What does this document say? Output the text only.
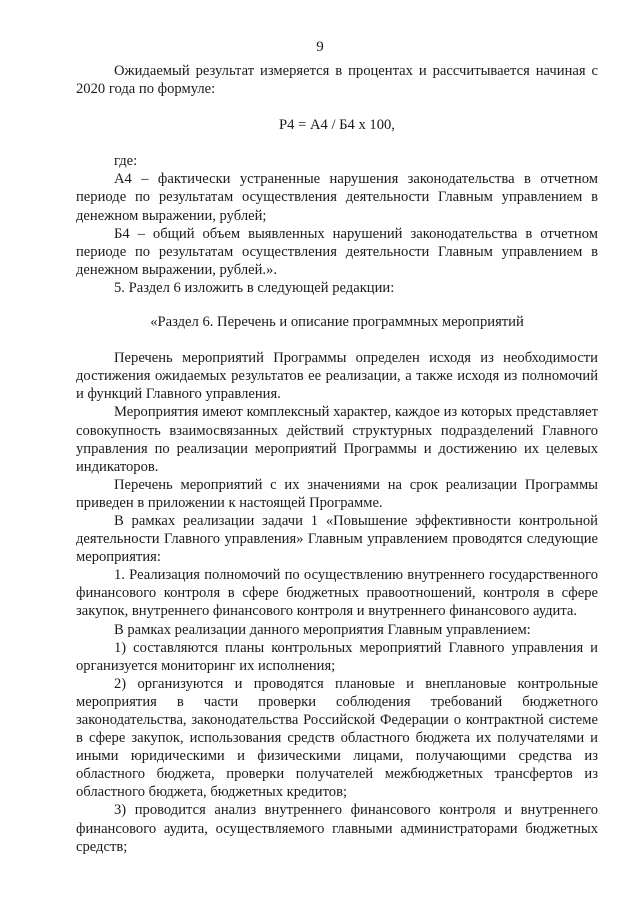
9

Ожидаемый результат измеряется в процентах и рассчитывается начиная с 2020 года по формуле:

Р4 = А4 / Б4 х 100,

где:

А4 – фактически устраненные нарушения законодательства в отчетном периоде по результатам осуществления деятельности Главным управлением в денежном выражении, рублей;

Б4 – общий объем выявленных нарушений законодательства в отчетном периоде по результатам осуществления деятельности Главным управлением в денежном выражении, рублей.».

5. Раздел 6 изложить в следующей редакции:

«Раздел 6. Перечень и описание программных мероприятий

Перечень мероприятий Программы определен исходя из необходимости достижения ожидаемых результатов ее реализации, а также исходя из полномочий и функций Главного управления.

Мероприятия имеют комплексный характер, каждое из которых представляет совокупность взаимосвязанных действий структурных подразделений Главного управления по реализации мероприятий Программы и достижению их целевых индикаторов.

Перечень мероприятий с их значениями на срок реализации Программы приведен в приложении к настоящей Программе.

В рамках реализации задачи 1 «Повышение эффективности контрольной деятельности Главного управления» Главным управлением проводятся следующие мероприятия:

1. Реализация полномочий по осуществлению внутреннего государственного финансового контроля в сфере бюджетных правоотношений, контроля в сфере закупок, внутреннего финансового контроля и внутреннего финансового аудита.

В рамках реализации данного мероприятия Главным управлением:

1) составляются планы контрольных мероприятий Главного управления и организуется мониторинг их исполнения;

2) организуются и проводятся плановые и внеплановые контрольные мероприятия в части проверки соблюдения требований бюджетного законодательства, законодательства Российской Федерации о контрактной системе в сфере закупок, использования средств областного бюджета их получателями и иными юридическими и физическими лицами, получающими средства из областного бюджета, проверки получателей межбюджетных трансфертов из областного бюджета, бюджетных кредитов;

3) проводится анализ внутреннего финансового контроля и внутреннего финансового аудита, осуществляемого главными администраторами бюджетных средств;
